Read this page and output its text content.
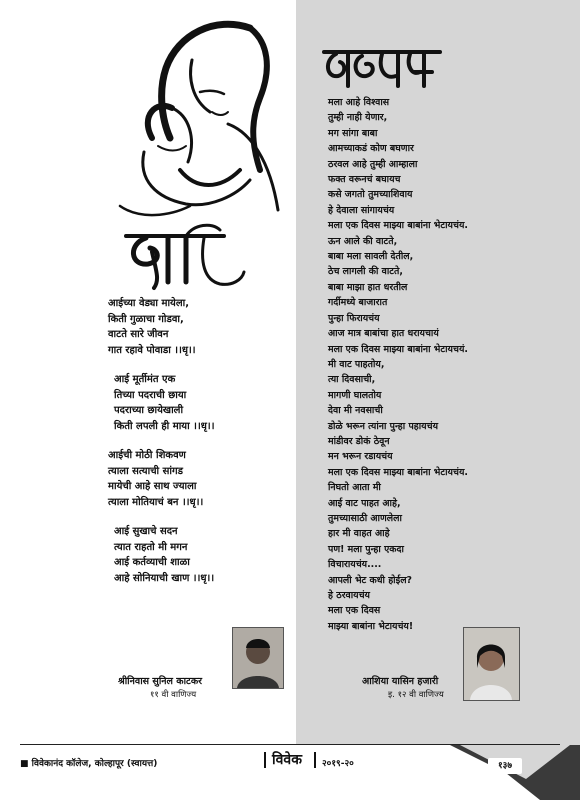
आईच्या वेड्या मायेला,

किती गुळाचा गोडवा,

वाटते सारे जीवन

गात रहावे पोवाडा ।।धृ।।

आई मूर्तीमंत एक

तिच्या पदराची छाया

पदराच्या छायेखाली

किती लपली ही माया ।।धृ।।

आईची मोठी शिकवण

त्याला सत्याची सांगड

मायेची आहे साथ ज्याला

त्याला मोतियाचं बन ।।धृ।।

आई सुखाचे सदन

त्यात राहतो मी मगन

आई कर्तव्याची शाळा

आहे सोनियाची खाण ।।धृ।।

मला आहे विश्वास

तुम्ही नाही येणार,

मग सांगा बाबा

आमच्याकडं कोण बघणार

ठरवल आहे तुम्ही आम्हाला

फक्त वरूनचं बघायच

कसे जगतो तुमच्याशिवाय

हे देवाला सांगायचंय

मला एक दिवस माझ्या बाबांना भेटायचंय.

ऊन आले की वाटते,

बाबा मला सावली देतील,

ठेच लागली की वाटते,

बाबा माझा हात धरतील

गर्दीमध्ये बाजारात

पुन्हा फिरायचंय

आज मात्र बाबांचा हात धरायचायं

मला एक दिवस माझ्या बाबांना भेटायचयं.

मी वाट पाहतोय,

त्या दिवसाची,

मागणी घालतोय

देवा मी नवसाची

डोळे भरून त्यांना पुन्हा पहायचंय

मांडीवर डोकं ठेवून

मन भरून रडायचंय

मला एक दिवस माझ्या बाबांना भेटायचंय.

निघतो आता मी

आई वाट पाहत आहे,

तुमच्यासाठी आणलेला

हार मी वाहत आहे

पण! मला पुन्हा एकदा

विचारायचंय....

आपली भेट कधी होईल?

हे ठरवायचंय

मला एक दिवस

माझ्या बाबांना भेटायचंय!

श्रीनिवास सुनिल काटकर
११ वी वाणिज्य
आशिया यासिन हजारी
इ. १२ वी वाणिज्य
■ विवेकानंद कॉलेज, कोल्हापूर (स्वायत्त)	विवेक २०१९-२०	१३७
